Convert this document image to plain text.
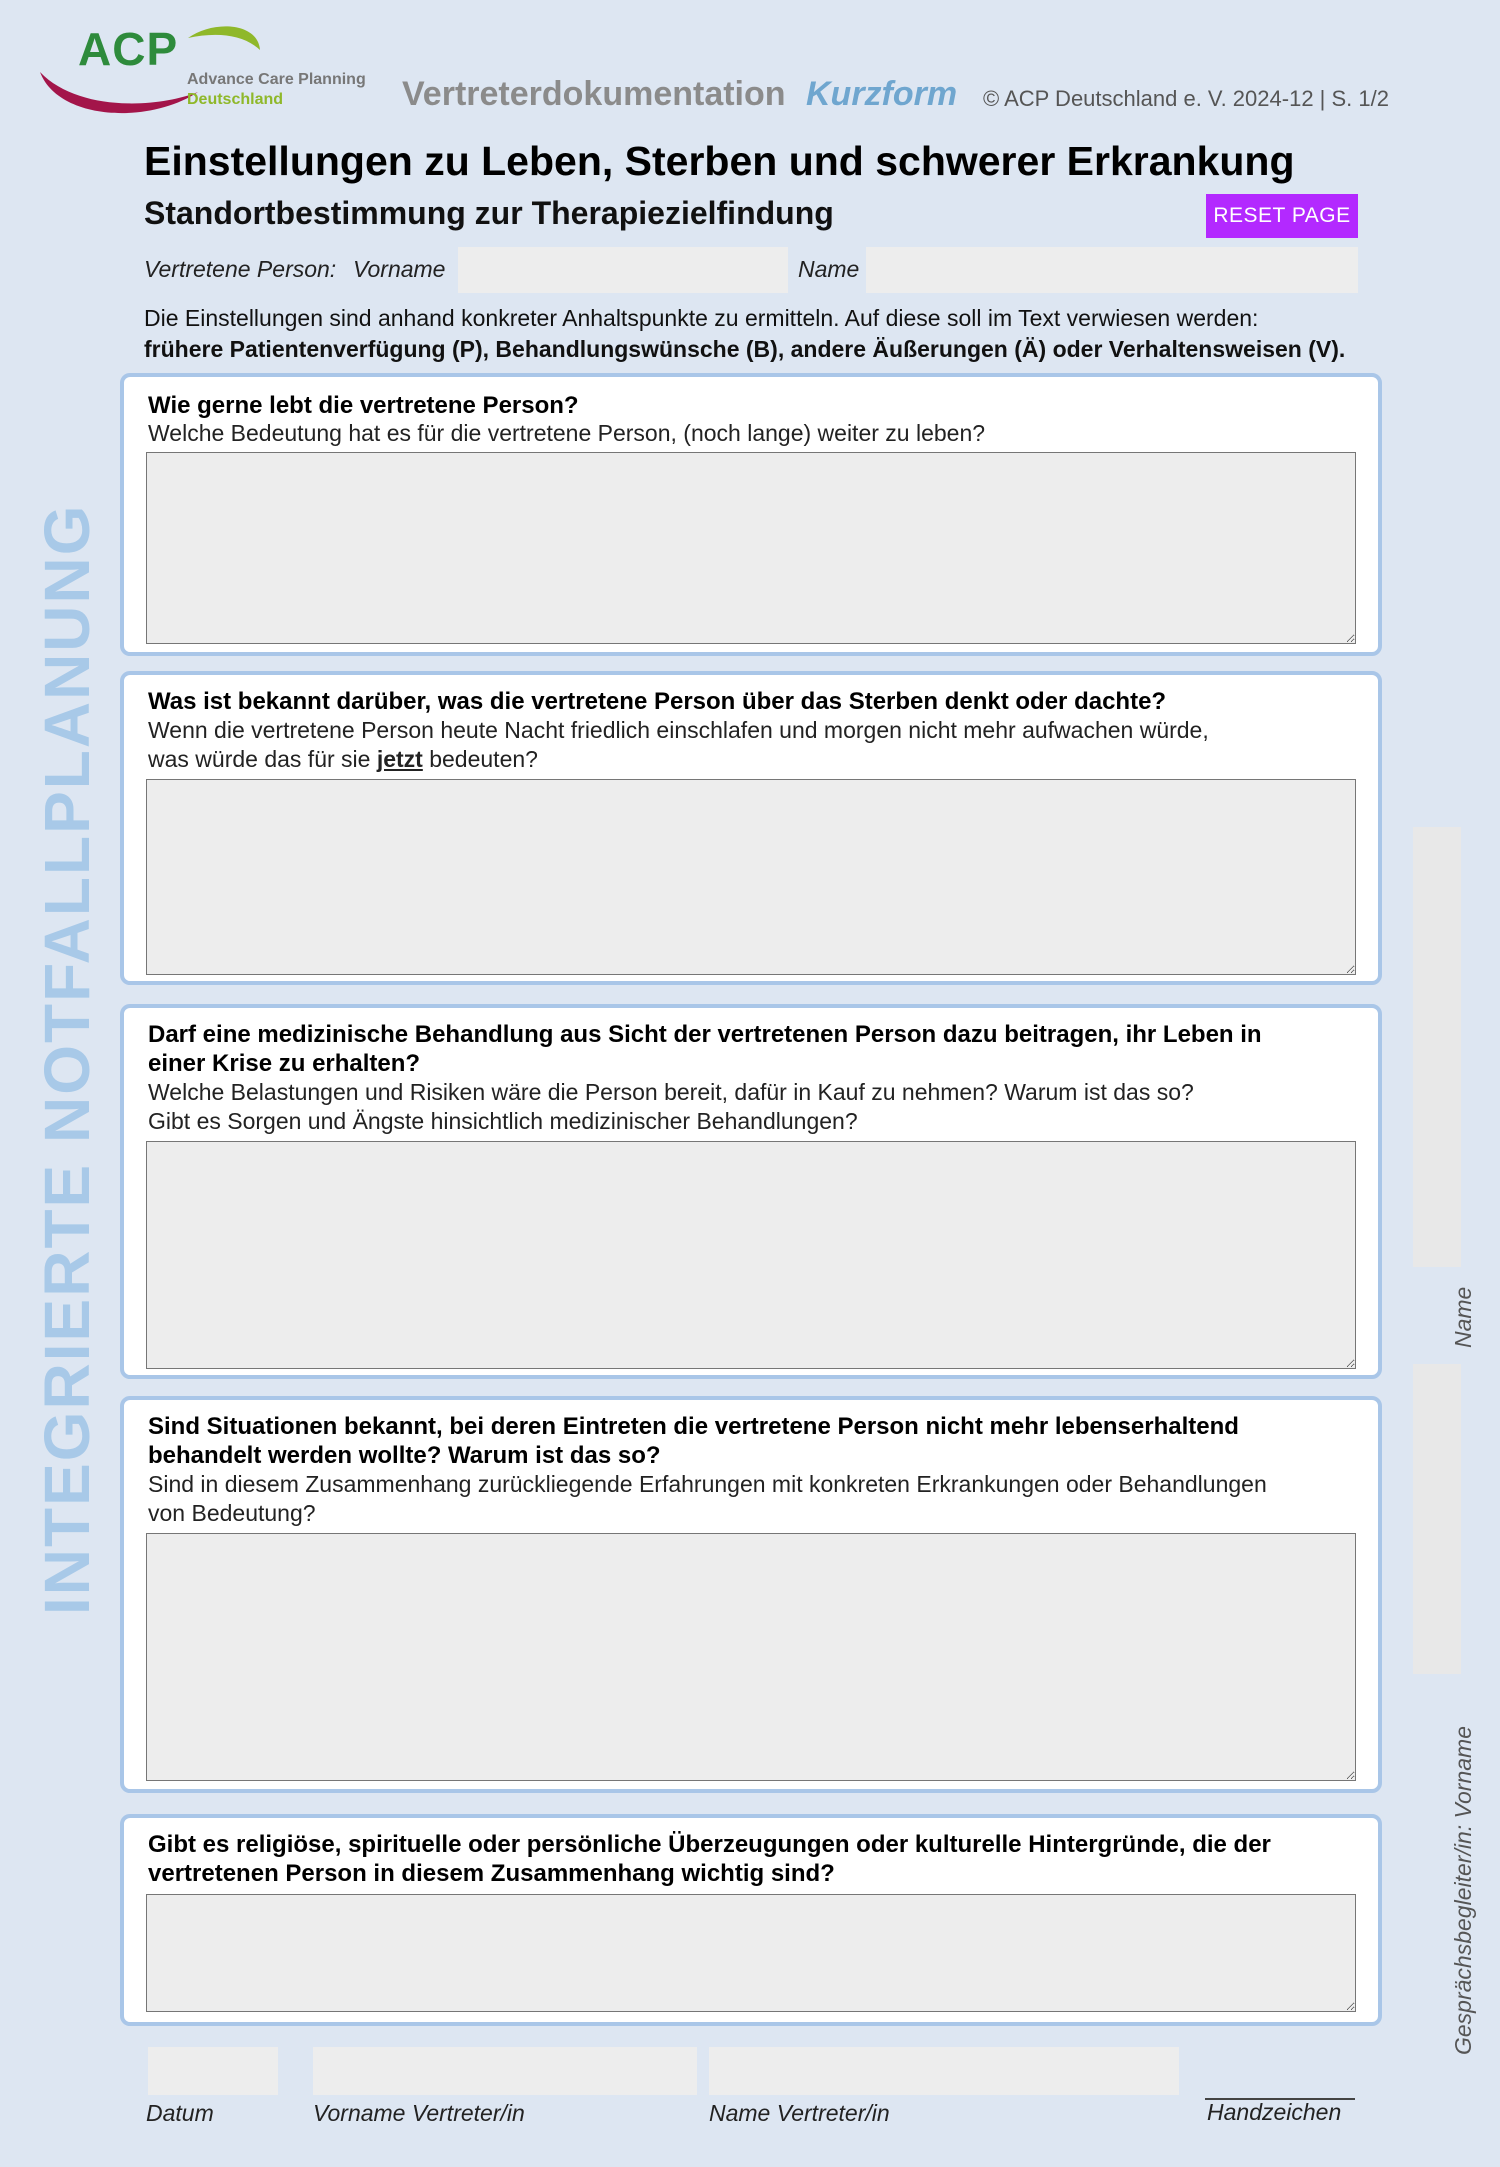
ACP
Advance Care Planning
Deutschland	Vertreterdokumentation Kurzform © ACP Deutschland e. V. 2024-12 | S. 1/2
Einstellungen zu Leben, Sterben und schwerer Erkrankung
Standortbestimmung zur Therapiezielfindung	RESET PAGE
Vertretene Person: Vorname	Name
Die Einstellungen sind anhand konkreter Anhaltspunkte zu ermitteln. Auf diese soll im Text verwiesen werden:
frühere Patientenverfügung (P), Behandlungswünsche (B), andere Äußerungen (Ä) oder Verhaltensweisen (V).
Wie gerne lebt die vertretene Person?
Welche Bedeutung hat es für die vertretene Person, (noch lange) weiter zu leben?
Was ist bekannt darüber, was die vertretene Person über das Sterben denkt oder dachte?
Wenn die vertretene Person heute Nacht friedlich einschlafen und morgen nicht mehr aufwachen würde,
was würde das für sie jetzt bedeuten?
Darf eine medizinische Behandlung aus Sicht der vertretenen Person dazu beitragen, ihr Leben in
einer Krise zu erhalten?
Welche Belastungen und Risiken wäre die Person bereit, dafür in Kauf zu nehmen? Warum ist das so?
Gibt es Sorgen und Ängste hinsichtlich medizinischer Behandlungen?
Sind Situationen bekannt, bei deren Eintreten die vertretene Person nicht mehr lebenserhaltend
behandelt werden wollte? Warum ist das so?
Sind in diesem Zusammenhang zurückliegende Erfahrungen mit konkreten Erkrankungen oder Behandlungen
von Bedeutung?
Gibt es religiöse, spirituelle oder persönliche Überzeugungen oder kulturelle Hintergründe, die der
vertretenen Person in diesem Zusammenhang wichtig sind?
INTEGRIERTE NOTFALLPLANUNG	Name
Gesprächsbegleiter/in: Vorname
Datum	Vorname Vertreter/in	Name Vertreter/in	Handzeichen
